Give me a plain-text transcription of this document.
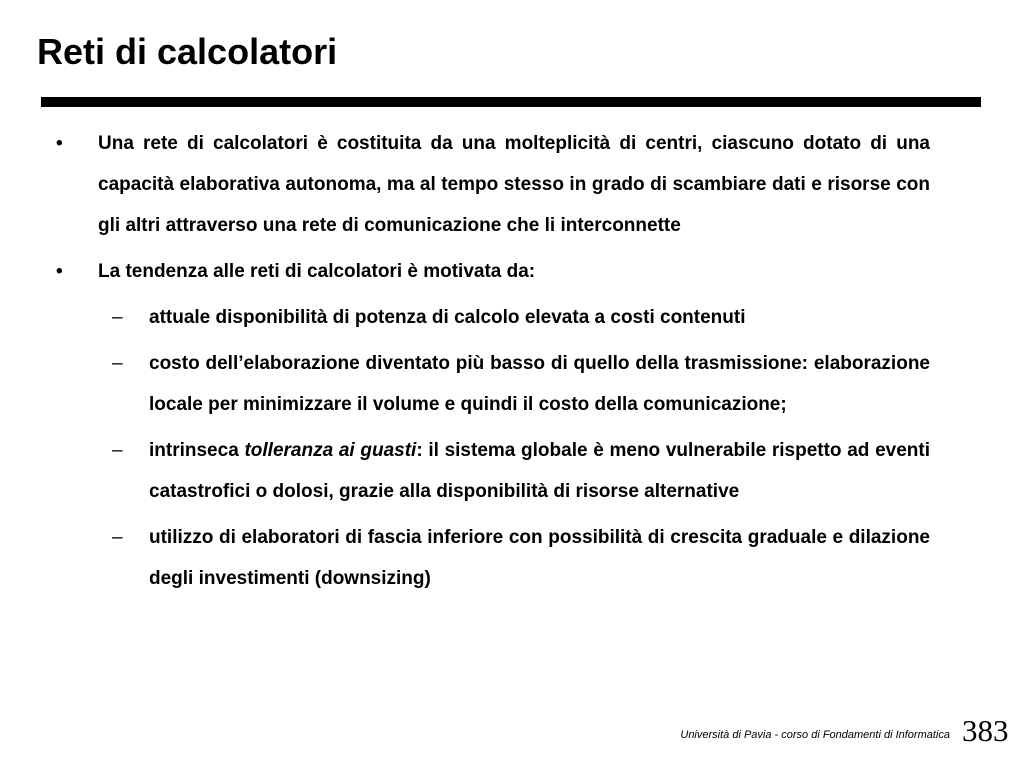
Reti di calcolatori
• Una rete di calcolatori è costituita da una molteplicità di centri, ciascuno dotato di una capacità elaborativa autonoma, ma al tempo stesso in grado di scambiare dati e risorse con gli altri attraverso una rete di comunicazione che li interconnette
• La tendenza alle reti di calcolatori è motivata da:
– attuale disponibilità di potenza di calcolo elevata a costi contenuti
– costo dell’elaborazione diventato più basso di quello della trasmissione: elaborazione locale per minimizzare il volume e quindi il costo della comunicazione;
– intrinseca tolleranza ai guasti: il sistema globale è meno vulnerabile rispetto ad eventi catastrofici o dolosi, grazie alla disponibilità di risorse alternative
– utilizzo di elaboratori di fascia inferiore con possibilità di crescita graduale e dilazione degli investimenti (downsizing)
Università di Pavia - corso di Fondamenti di Informatica 383
